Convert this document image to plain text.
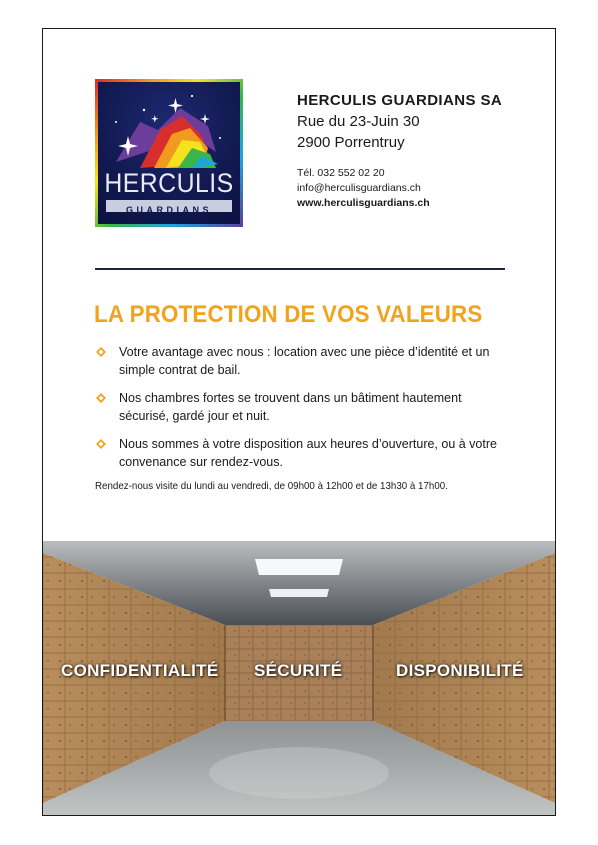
HERCULIS
GUARDIANS
HERCULIS GUARDIANS SA
Rue du 23-Juin 30
2900 Porrentruy
Tél. 032 552 02 20
info@herculisguardians.ch
www.herculisguardians.ch
LA PROTECTION DE VOS VALEURS
Votre avantage avec nous : location avec une pièce d’identité et un simple contrat de bail.
Nos chambres fortes se trouvent dans un bâtiment hautement sécurisé, gardé jour et nuit.
Nous sommes à votre disposition aux heures d’ouverture, ou à votre convenance sur rendez-vous.
Rendez-nous visite du lundi au vendredi, de 09h00 à 12h00 et de 13h30 à 17h00.
CONFIDENTIALITÉ SÉCURITÉ	DISPONIBILITÉ
